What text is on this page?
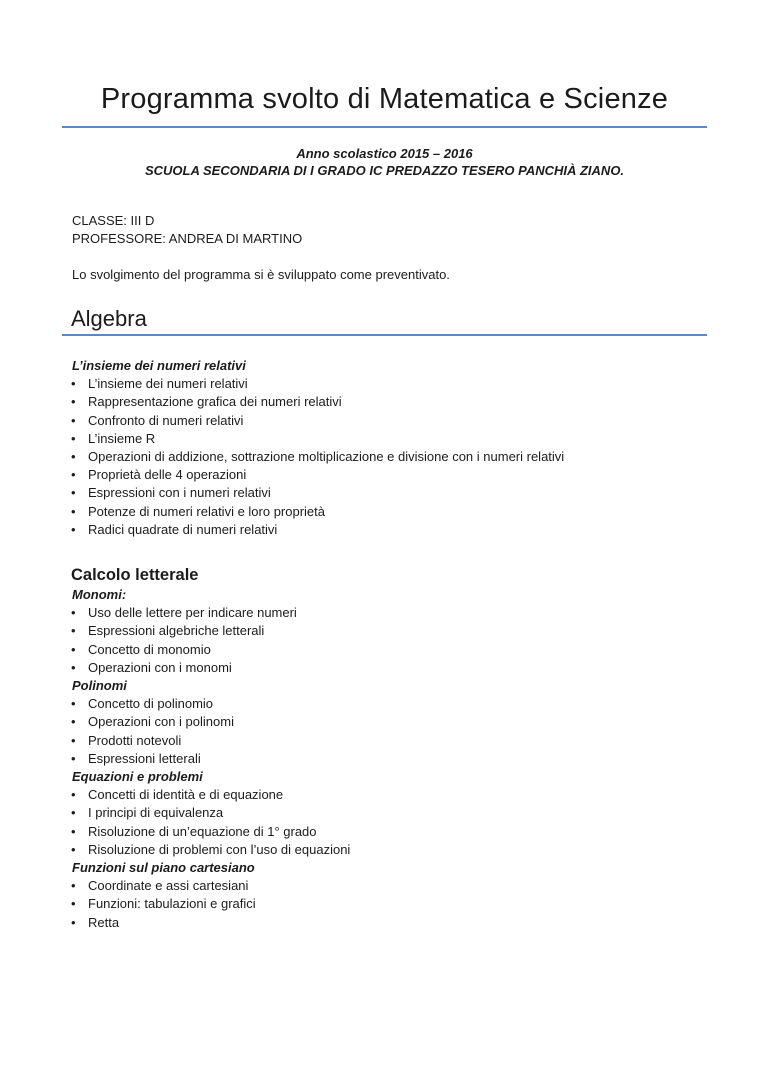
Programma svolto di Matematica e Scienze
Anno scolastico 2015 – 2016
SCUOLA SECONDARIA DI I GRADO IC PREDAZZO TESERO PANCHIÀ ZIANO.
CLASSE: III D
PROFESSORE: ANDREA DI MARTINO
Lo svolgimento del programma si è sviluppato come preventivato.
Algebra
L’insieme dei numeri relativi
• L’insieme dei numeri relativi
• Rappresentazione grafica dei numeri relativi
• Confronto di numeri relativi
• L’insieme R
• Operazioni di addizione, sottrazione moltiplicazione e divisione con i numeri relativi
• Proprietà delle 4 operazioni
• Espressioni con i numeri relativi
• Potenze di numeri relativi e loro proprietà
• Radici quadrate di numeri relativi
Calcolo letterale
Monomi:
• Uso delle lettere per indicare numeri
• Espressioni algebriche letterali
• Concetto di monomio
• Operazioni con i monomi
Polinomi
• Concetto di polinomio
• Operazioni con i polinomi
• Prodotti notevoli
• Espressioni letterali
Equazioni e problemi
• Concetti di identità e di equazione
• I principi di equivalenza
• Risoluzione di un’equazione di 1° grado
• Risoluzione di problemi con l’uso di equazioni
Funzioni sul piano cartesiano
• Coordinate e assi cartesiani
• Funzioni: tabulazioni e grafici
• Retta
